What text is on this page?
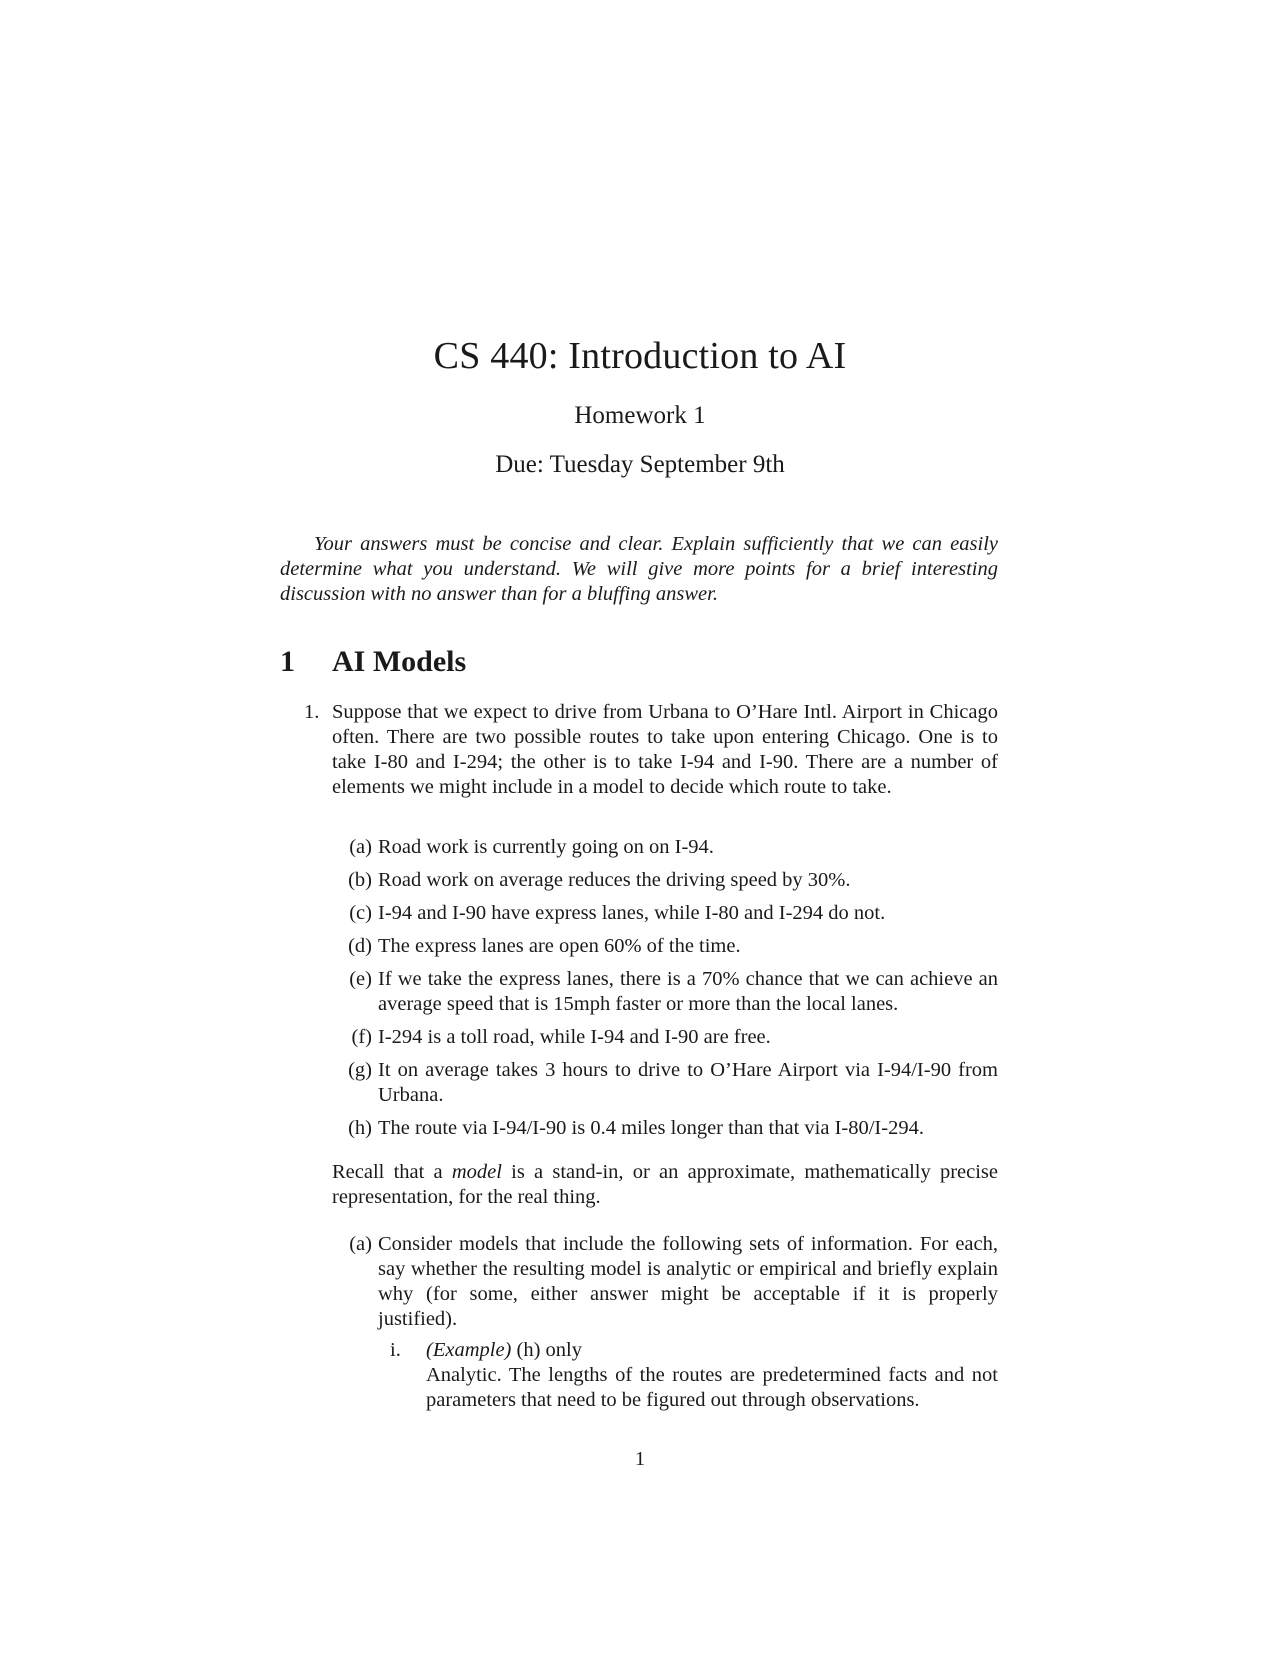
CS 440: Introduction to AI
Homework 1
Due: Tuesday September 9th
Your answers must be concise and clear. Explain sufficiently that we can easily determine what you understand. We will give more points for a brief interesting discussion with no answer than for a bluffing answer.
1 AI Models
1. Suppose that we expect to drive from Urbana to O’Hare Intl. Airport in Chicago often. There are two possible routes to take upon entering Chicago. One is to take I-80 and I-294; the other is to take I-94 and I-90. There are a number of elements we might include in a model to decide which route to take.
(a) Road work is currently going on on I-94.
(b) Road work on average reduces the driving speed by 30%.
(c) I-94 and I-90 have express lanes, while I-80 and I-294 do not.
(d) The express lanes are open 60% of the time.
(e) If we take the express lanes, there is a 70% chance that we can achieve an average speed that is 15mph faster or more than the local lanes.
(f) I-294 is a toll road, while I-94 and I-90 are free.
(g) It on average takes 3 hours to drive to O’Hare Airport via I-94/I-90 from Urbana.
(h) The route via I-94/I-90 is 0.4 miles longer than that via I-80/I-294.
Recall that a model is a stand-in, or an approximate, mathematically precise representation, for the real thing.
(a) Consider models that include the following sets of information. For each, say whether the resulting model is analytic or empirical and briefly explain why (for some, either answer might be acceptable if it is properly justified).
i. (Example) (h) only
Analytic. The lengths of the routes are predetermined facts and not parameters that need to be figured out through observations.
1
